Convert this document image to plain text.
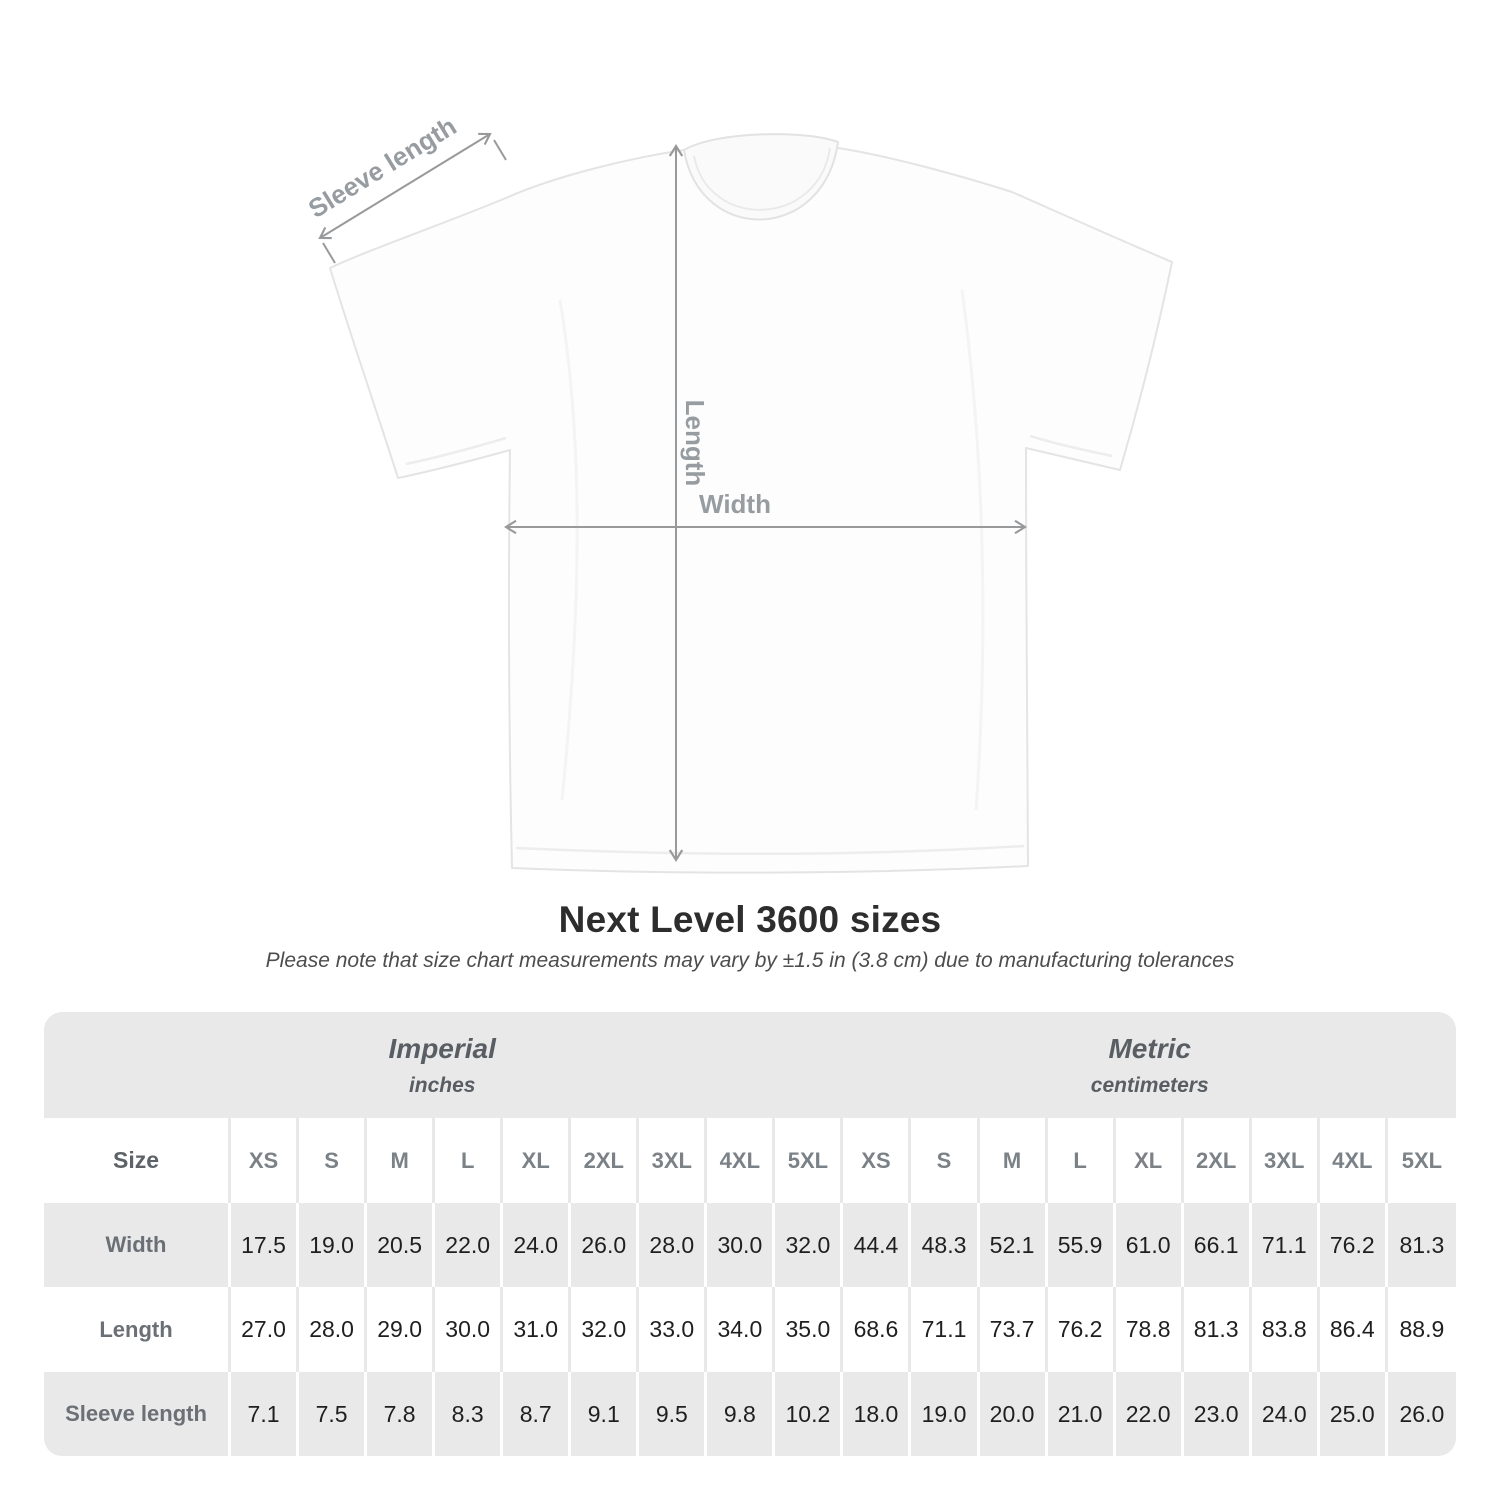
Width
Length
Sleeve length
Next Level 3600 sizes

Please note that size chart measurements may vary by ±1.5 in (3.8 cm) due to manufacturing tolerances

Imperial
inches

Metric
centimeters

Size	XS	S	M	L	XL	2XL	3XL	4XL	5XL	XS	S	M	L	XL	2XL	3XL	4XL	5XL
Width	17.5	19.0	20.5	22.0	24.0	26.0	28.0	30.0	32.0	44.4	48.3	52.1	55.9	61.0	66.1	71.1	76.2	81.3
Length	27.0	28.0	29.0	30.0	31.0	32.0	33.0	34.0	35.0	68.6	71.1	73.7	76.2	78.8	81.3	83.8	86.4	88.9
Sleeve length	7.1	7.5	7.8	8.3	8.7	9.1	9.5	9.8	10.2	18.0	19.0	20.0	21.0	22.0	23.0	24.0	25.0	26.0
